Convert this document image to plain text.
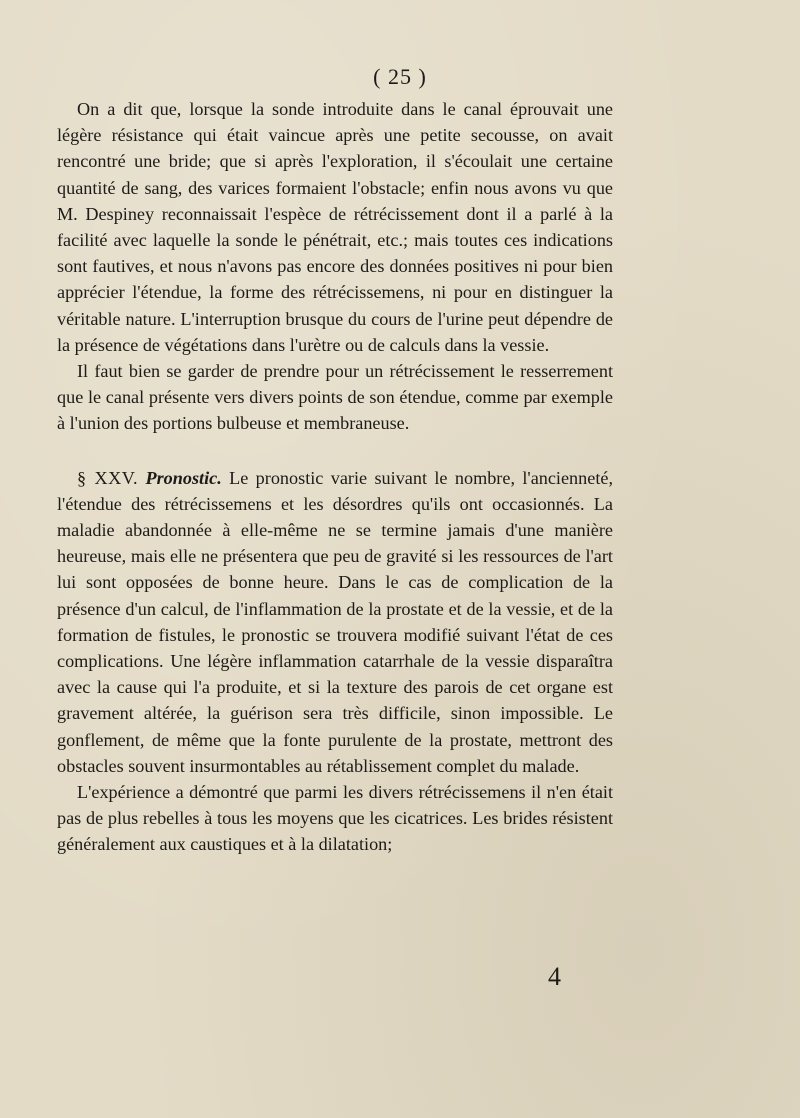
( 25 )

On a dit que, lorsque la sonde introduite dans le canal éprouvait une légère résistance qui était vaincue après une petite secousse, on avait rencontré une bride; que si après l'exploration, il s'écoulait une certaine quantité de sang, des varices formaient l'obstacle; enfin nous avons vu que M. Despiney reconnaissait l'espèce de rétrécissement dont il a parlé à la facilité avec laquelle la sonde le pénétrait, etc.; mais toutes ces indications sont fautives, et nous n'avons pas encore des données positives ni pour bien apprécier l'étendue, la forme des rétrécissemens, ni pour en distinguer la véritable nature. L'interruption brusque du cours de l'urine peut dépendre de la présence de végétations dans l'urètre ou de calculs dans la vessie.

Il faut bien se garder de prendre pour un rétrécissement le resserrement que le canal présente vers divers points de son étendue, comme par exemple à l'union des portions bulbeuse et membraneuse.

§ XXV. Pronostic. Le pronostic varie suivant le nombre, l'ancienneté, l'étendue des rétrécissemens et les désordres qu'ils ont occasionnés. La maladie abandonnée à elle-même ne se termine jamais d'une manière heureuse, mais elle ne présentera que peu de gravité si les ressources de l'art lui sont opposées de bonne heure. Dans le cas de complication de la présence d'un calcul, de l'inflammation de la prostate et de la vessie, et de la formation de fistules, le pronostic se trouvera modifié suivant l'état de ces complications. Une légère inflammation catarrhale de la vessie disparaîtra avec la cause qui l'a produite, et si la texture des parois de cet organe est gravement altérée, la guérison sera très difficile, sinon impossible. Le gonflement, de même que la fonte purulente de la prostate, mettront des obstacles souvent insurmontables au rétablissement complet du malade.

L'expérience a démontré que parmi les divers rétrécissemens il n'en était pas de plus rebelles à tous les moyens que les cicatrices. Les brides résistent généralement aux caustiques et à la dilatation;

4
